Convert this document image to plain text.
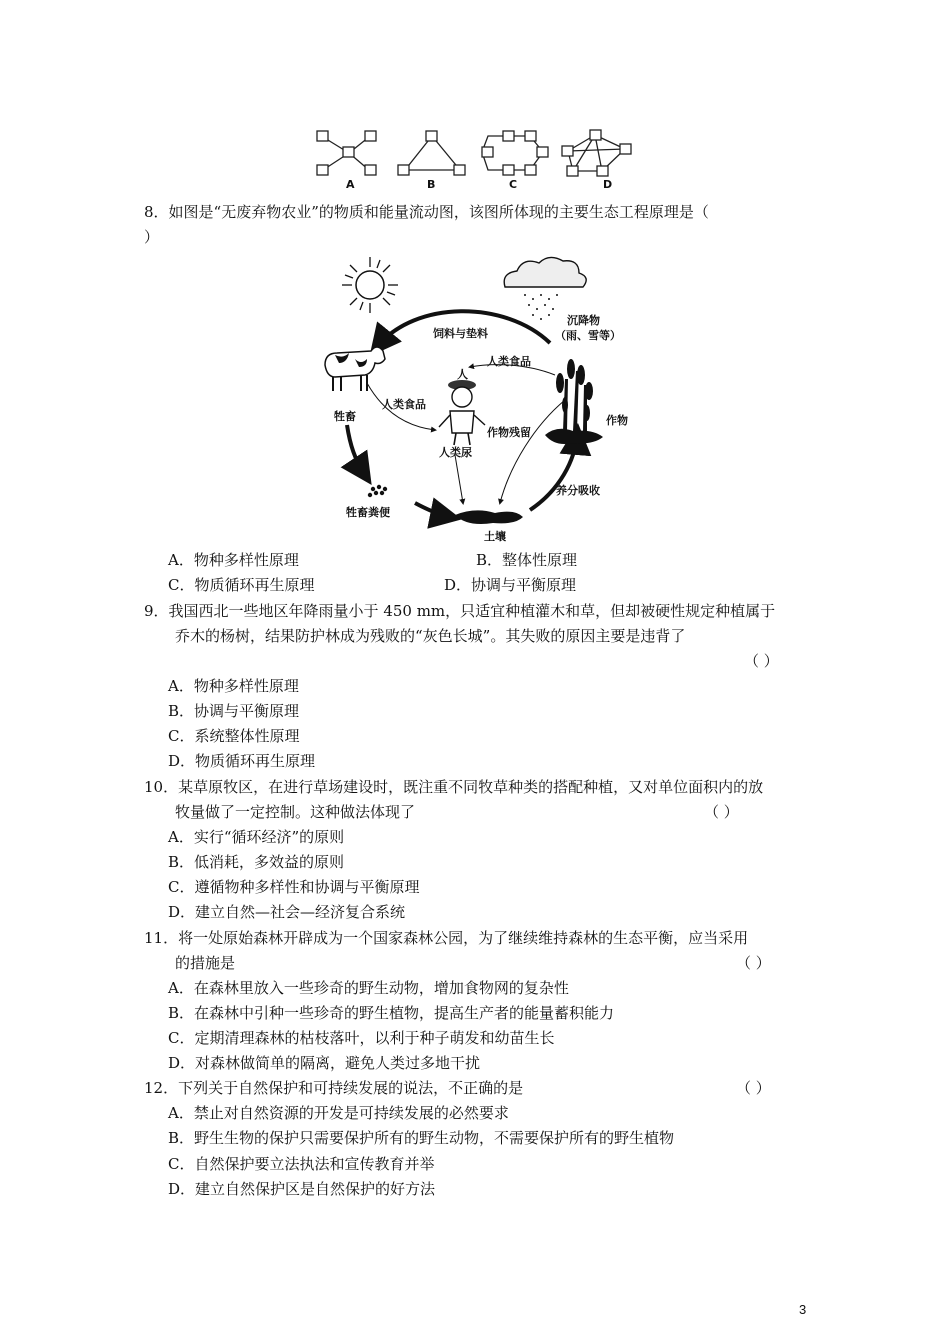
A	B	C	D
8．如图是“无废弃物农业”的物质和能量流动图，该图所体现的主要生态工程原理是（
）
饲料与垫料
沉降物
（雨、雪等）
人
人类食品
人类食品
牲畜	作物
作物残留
人类尿
养分吸收
牲畜粪便
土壤
A．物种多样性原理	B．整体性原理
C．物质循环再生原理	D．协调与平衡原理
9．我国西北一些地区年降雨量小于 450 mm，只适宜种植灌木和草，但却被硬性规定种植属于
乔木的杨树，结果防护林成为残败的“灰色长城”。其失败的原因主要是违背了
（ ）
A．物种多样性原理
B．协调与平衡原理
C．系统整体性原理
D．物质循环再生原理
10．某草原牧区，在进行草场建设时，既注重不同牧草种类的搭配种植，又对单位面积内的放
牧量做了一定控制。这种做法体现了	（ ）
A．实行“循环经济”的原则
B．低消耗，多效益的原则
C．遵循物种多样性和协调与平衡原理
D．建立自然—社会—经济复合系统
11．将一处原始森林开辟成为一个国家森林公园，为了继续维持森林的生态平衡，应当采用
的措施是	（ ）
A．在森林里放入一些珍奇的野生动物，增加食物网的复杂性
B．在森林中引种一些珍奇的野生植物，提高生产者的能量蓄积能力
C．定期清理森林的枯枝落叶，以利于种子萌发和幼苗生长
D．对森林做简单的隔离，避免人类过多地干扰
12．下列关于自然保护和可持续发展的说法，不正确的是	（ ）
A．禁止对自然资源的开发是可持续发展的必然要求
B．野生生物的保护只需要保护所有的野生动物，不需要保护所有的野生植物
C．自然保护要立法执法和宣传教育并举
D．建立自然保护区是自然保护的好方法
3
